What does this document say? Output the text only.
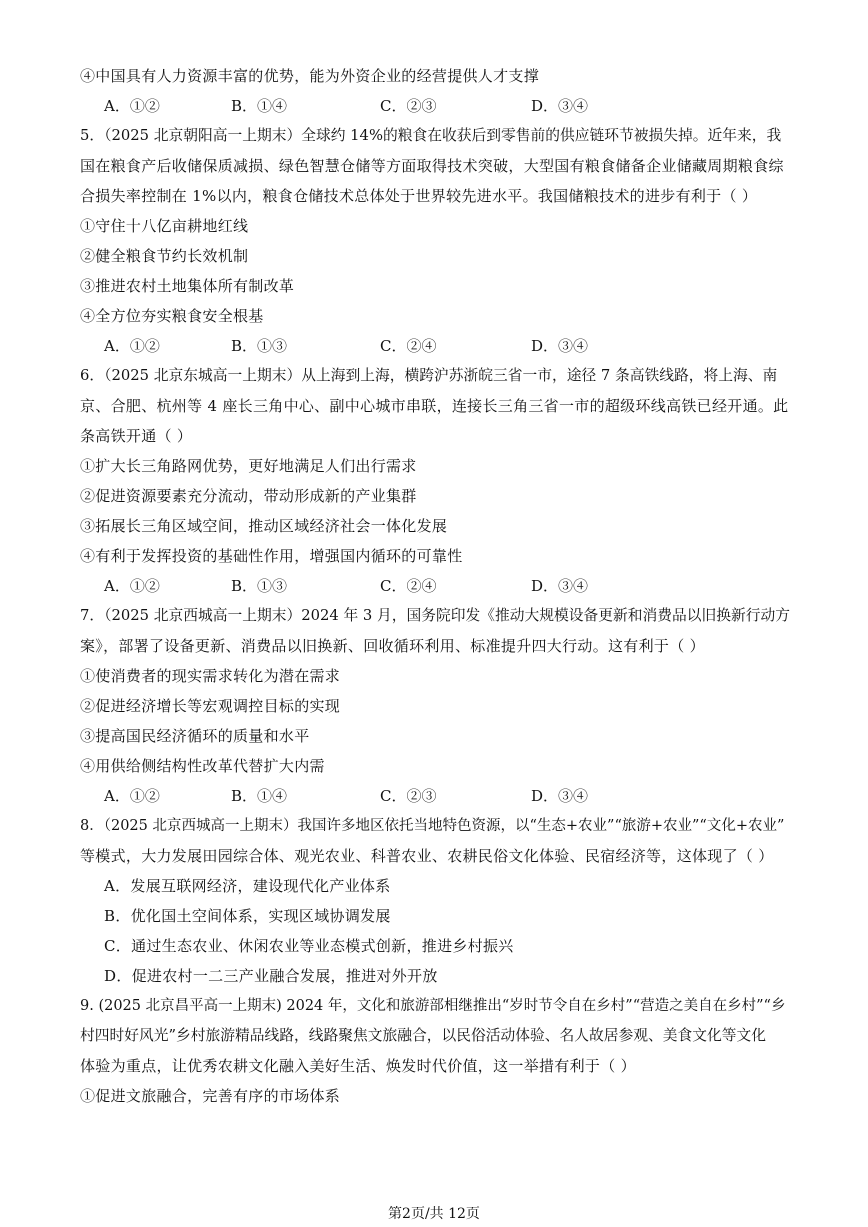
④中国具有人力资源丰富的优势，能为外资企业的经营提供人才支撑
A．①②	B．①④	C．②③	D．③④
5．（2025 北京朝阳高一上期末）全球约 14%的粮食在收获后到零售前的供应链环节被损失掉。近年来，我
国在粮食产后收储保质减损、绿色智慧仓储等方面取得技术突破，大型国有粮食储备企业储藏周期粮食综
合损失率控制在 1%以内，粮食仓储技术总体处于世界较先进水平。我国储粮技术的进步有利于（ ）
①守住十八亿亩耕地红线
②健全粮食节约长效机制
③推进农村土地集体所有制改革
④全方位夯实粮食安全根基
A．①②	B．①③	C．②④	D．③④
6．（2025 北京东城高一上期末）从上海到上海，横跨沪苏浙皖三省一市，途径 7 条高铁线路，将上海、南
京、合肥、杭州等 4 座长三角中心、副中心城市串联，连接长三角三省一市的超级环线高铁已经开通。此
条高铁开通（ ）
①扩大长三角路网优势，更好地满足人们出行需求
②促进资源要素充分流动，带动形成新的产业集群
③拓展长三角区域空间，推动区域经济社会一体化发展
④有利于发挥投资的基础性作用，增强国内循环的可靠性
A．①②	B．①③	C．②④	D．③④
7．（2025 北京西城高一上期末）2024 年 3 月，国务院印发《推动大规模设备更新和消费品以旧换新行动方
案》，部署了设备更新、消费品以旧换新、回收循环利用、标准提升四大行动。这有利于（ ）
①使消费者的现实需求转化为潜在需求
②促进经济增长等宏观调控目标的实现
③提高国民经济循环的质量和水平
④用供给侧结构性改革代替扩大内需
A．①②	B．①④	C．②③	D．③④
8．（2025 北京西城高一上期末）我国许多地区依托当地特色资源，以“生态+农业”“旅游+农业”“文化+农业”
等模式，大力发展田园综合体、观光农业、科普农业、农耕民俗文化体验、民宿经济等，这体现了（ ）
A．发展互联网经济，建设现代化产业体系
B．优化国土空间体系，实现区域协调发展
C．通过生态农业、休闲农业等业态模式创新，推进乡村振兴
D．促进农村一二三产业融合发展，推进对外开放
9. (2025 北京昌平高一上期末) 2024 年，文化和旅游部相继推出“岁时节令自在乡村”“营造之美自在乡村”“乡
村四时好风光”乡村旅游精品线路，线路聚焦文旅融合，以民俗活动体验、名人故居参观、美食文化等文化
体验为重点，让优秀农耕文化融入美好生活、焕发时代价值，这一举措有利于（ ）
①促进文旅融合，完善有序的市场体系
第2页/共 12页
